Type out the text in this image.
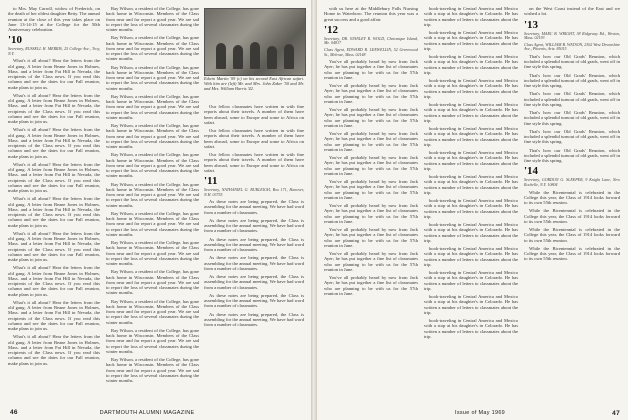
to Mrs. May Carroll, widow of Frederick, on the death of her oldest daughter Betty. The annual reunion at the close of this year takes place on June 13-14-15 at the College for the 50th Anniversary celebration.

'10
Secretary, RUSSELL H. MERRIS, 25 College Ave., Troy, N.Y.

What's it all about? Hear the letters from the old gang. A letter from Beane Jones in Holmes, Mass. and a letter from Fat Hill in Nevada, the recipients of the Class news. If you read this column and see the dates for our Fall reunion, make plans to join us.

What's it all about? Hear the letters from the old gang. A letter from Beane Jones in Holmes, Mass. and a letter from Fat Hill in Nevada, the recipients of the Class news. If you read this column and see the dates for our Fall reunion, make plans to join us.

What's it all about? Hear the letters from the old gang. A letter from Beane Jones in Holmes, Mass. and a letter from Fat Hill in Nevada, the recipients of the Class news. If you read this column and see the dates for our Fall reunion, make plans to join us.

What's it all about? Hear the letters from the old gang. A letter from Beane Jones in Holmes, Mass. and a letter from Fat Hill in Nevada, the recipients of the Class news. If you read this column and see the dates for our Fall reunion, make plans to join us.

What's it all about? Hear the letters from the old gang. A letter from Beane Jones in Holmes, Mass. and a letter from Fat Hill in Nevada, the recipients of the Class news. If you read this column and see the dates for our Fall reunion, make plans to join us.

What's it all about? Hear the letters from the old gang. A letter from Beane Jones in Holmes, Mass. and a letter from Fat Hill in Nevada, the recipients of the Class news. If you read this column and see the dates for our Fall reunion, make plans to join us.

What's it all about? Hear the letters from the old gang. A letter from Beane Jones in Holmes, Mass. and a letter from Fat Hill in Nevada, the recipients of the Class news. If you read this column and see the dates for our Fall reunion, make plans to join us.

What's it all about? Hear the letters from the old gang. A letter from Beane Jones in Holmes, Mass. and a letter from Fat Hill in Nevada, the recipients of the Class news. If you read this column and see the dates for our Fall reunion, make plans to join us.

What's it all about? Hear the letters from the old gang. A letter from Beane Jones in Holmes, Mass. and a letter from Fat Hill in Nevada, the recipients of the Class news. If you read this column and see the dates for our Fall reunion, make plans to join us.

Ray Wilson, a resident of the College, has gone back home in Wisconsin. Members of the Class from near and far report a good year. We are sad to report the loss of several classmates during the winter months.

Ray Wilson, a resident of the College, has gone back home in Wisconsin. Members of the Class from near and far report a good year. We are sad to report the loss of several classmates during the winter months.

Ray Wilson, a resident of the College, has gone back home in Wisconsin. Members of the Class from near and far report a good year. We are sad to report the loss of several classmates during the winter months.

Ray Wilson, a resident of the College, has gone back home in Wisconsin. Members of the Class from near and far report a good year. We are sad to report the loss of several classmates during the winter months.

Ray Wilson, a resident of the College, has gone back home in Wisconsin. Members of the Class from near and far report a good year. We are sad to report the loss of several classmates during the winter months.

Ray Wilson, a resident of the College, has gone back home in Wisconsin. Members of the Class from near and far report a good year. We are sad to report the loss of several classmates during the winter months.

Ray Wilson, a resident of the College, has gone back home in Wisconsin. Members of the Class from near and far report a good year. We are sad to report the loss of several classmates during the winter months.

Ray Wilson, a resident of the College, has gone back home in Wisconsin. Members of the Class from near and far report a good year. We are sad to report the loss of several classmates during the winter months.

Ray Wilson, a resident of the College, has gone back home in Wisconsin. Members of the Class from near and far report a good year. We are sad to report the loss of several classmates during the winter months.

Ray Wilson, a resident of the College, has gone back home in Wisconsin. Members of the Class from near and far report a good year. We are sad to report the loss of several classmates during the winter months.

Ray Wilson, a resident of the College, has gone back home in Wisconsin. Members of the Class from near and far report a good year. We are sad to report the loss of several classmates during the winter months.

Ray Wilson, a resident of the College, has gone back home in Wisconsin. Members of the Class from near and far report a good year. We are sad to report the loss of several classmates during the winter months.

Ray Wilson, a resident of the College, has gone back home in Wisconsin. Members of the Class from near and far report a good year. We are sad to report the loss of several classmates during the winter months.

Edwin Martin '09 (c) on his second East African safari. With him are (left) Mr. and Mrs. John Zaker '50 and Mr. and Mrs. William Harris '42.

Our fellow classmates have written in with fine reports about their travels. A number of them have been abroad, some to Europe and some to Africa on safari.

Our fellow classmates have written in with fine reports about their travels. A number of them have been abroad, some to Europe and some to Africa on safari.

Our fellow classmates have written in with fine reports about their travels. A number of them have been abroad, some to Europe and some to Africa on safari.

'11
Secretary, NATHANIEL G. BURLEIGH, Box 171, Hanover, N.H. 03755

As these notes are being prepared, the Class is assembling for the annual meeting. We have had word from a number of classmates.

As these notes are being prepared, the Class is assembling for the annual meeting. We have had word from a number of classmates.

As these notes are being prepared, the Class is assembling for the annual meeting. We have had word from a number of classmates.

As these notes are being prepared, the Class is assembling for the annual meeting. We have had word from a number of classmates.

As these notes are being prepared, the Class is assembling for the annual meeting. We have had word from a number of classmates.

As these notes are being prepared, the Class is assembling for the annual meeting. We have had word from a number of classmates.

As these notes are being prepared, the Class is assembling for the annual meeting. We have had word from a number of classmates.

46	DARTMOUTH ALUMNI MAGAZINE

with us here at the Middlebury Falls Nursing Home in Waterboro. The reunion this year was a great success and a good affair.

'12
Secretary, DR. STANLEY R. WOLD, Chetomque Island, Me. 04817
Class Agent, EDWARD B. LEEWELLIN, 52 Greenwood St., Melrose, Mass. 02148

You've all probably heard by now from Jack Ayer; he has put together a fine list of classmates who are planning to be with us for the 57th reunion in June.

You've all probably heard by now from Jack Ayer; he has put together a fine list of classmates who are planning to be with us for the 57th reunion in June.

You've all probably heard by now from Jack Ayer; he has put together a fine list of classmates who are planning to be with us for the 57th reunion in June.

You've all probably heard by now from Jack Ayer; he has put together a fine list of classmates who are planning to be with us for the 57th reunion in June.

You've all probably heard by now from Jack Ayer; he has put together a fine list of classmates who are planning to be with us for the 57th reunion in June.

You've all probably heard by now from Jack Ayer; he has put together a fine list of classmates who are planning to be with us for the 57th reunion in June.

You've all probably heard by now from Jack Ayer; he has put together a fine list of classmates who are planning to be with us for the 57th reunion in June.

You've all probably heard by now from Jack Ayer; he has put together a fine list of classmates who are planning to be with us for the 57th reunion in June.

You've all probably heard by now from Jack Ayer; he has put together a fine list of classmates who are planning to be with us for the 57th reunion in June.

You've all probably heard by now from Jack Ayer; he has put together a fine list of classmates who are planning to be with us for the 57th reunion in June.

book-traveling in Central America and Mexico with a stop at his daughter's in Colorado. He has written a number of letters to classmates about the trip.

book-traveling in Central America and Mexico with a stop at his daughter's in Colorado. He has written a number of letters to classmates about the trip.

book-traveling in Central America and Mexico with a stop at his daughter's in Colorado. He has written a number of letters to classmates about the trip.

book-traveling in Central America and Mexico with a stop at his daughter's in Colorado. He has written a number of letters to classmates about the trip.

book-traveling in Central America and Mexico with a stop at his daughter's in Colorado. He has written a number of letters to classmates about the trip.

book-traveling in Central America and Mexico with a stop at his daughter's in Colorado. He has written a number of letters to classmates about the trip.

book-traveling in Central America and Mexico with a stop at his daughter's in Colorado. He has written a number of letters to classmates about the trip.

book-traveling in Central America and Mexico with a stop at his daughter's in Colorado. He has written a number of letters to classmates about the trip.

book-traveling in Central America and Mexico with a stop at his daughter's in Colorado. He has written a number of letters to classmates about the trip.

book-traveling in Central America and Mexico with a stop at his daughter's in Colorado. He has written a number of letters to classmates about the trip.

book-traveling in Central America and Mexico with a stop at his daughter's in Colorado. He has written a number of letters to classmates about the trip.

book-traveling in Central America and Mexico with a stop at his daughter's in Colorado. He has written a number of letters to classmates about the trip.

book-traveling in Central America and Mexico with a stop at his daughter's in Colorado. He has written a number of letters to classmates about the trip.

book-traveling in Central America and Mexico with a stop at his daughter's in Colorado. He has written a number of letters to classmates about the trip.

on the West Coast instead of the East and we wished a lot.

'13
Secretary, MARC B. WRIGHT, 38 Ridgeway Rd., Weston, Mass. 02193
Class Agent, WILLIAM B. WATSON, 2302 West Devonshire Ave., Phoenix, Ariz. 85015

That's how our Old Grads' Reunion, which included a splendid turnout of old grads, went off in fine style this spring.

That's how our Old Grads' Reunion, which included a splendid turnout of old grads, went off in fine style this spring.

That's how our Old Grads' Reunion, which included a splendid turnout of old grads, went off in fine style this spring.

That's how our Old Grads' Reunion, which included a splendid turnout of old grads, went off in fine style this spring.

That's how our Old Grads' Reunion, which included a splendid turnout of old grads, went off in fine style this spring.

That's how our Old Grads' Reunion, which included a splendid turnout of old grads, went off in fine style this spring.

'14
Secretary, GORDON G. SLEEPER, 9 Knight Lane, New Rochelle, N.Y. 10804

While the Bicentennial is celebrated in the College this year, the Class of 1914 looks forward to its own 55th reunion.

While the Bicentennial is celebrated in the College this year, the Class of 1914 looks forward to its own 55th reunion.

While the Bicentennial is celebrated in the College this year, the Class of 1914 looks forward to its own 55th reunion.

While the Bicentennial is celebrated in the College this year, the Class of 1914 looks forward to its own 55th reunion.

Issue of May 1969	47
